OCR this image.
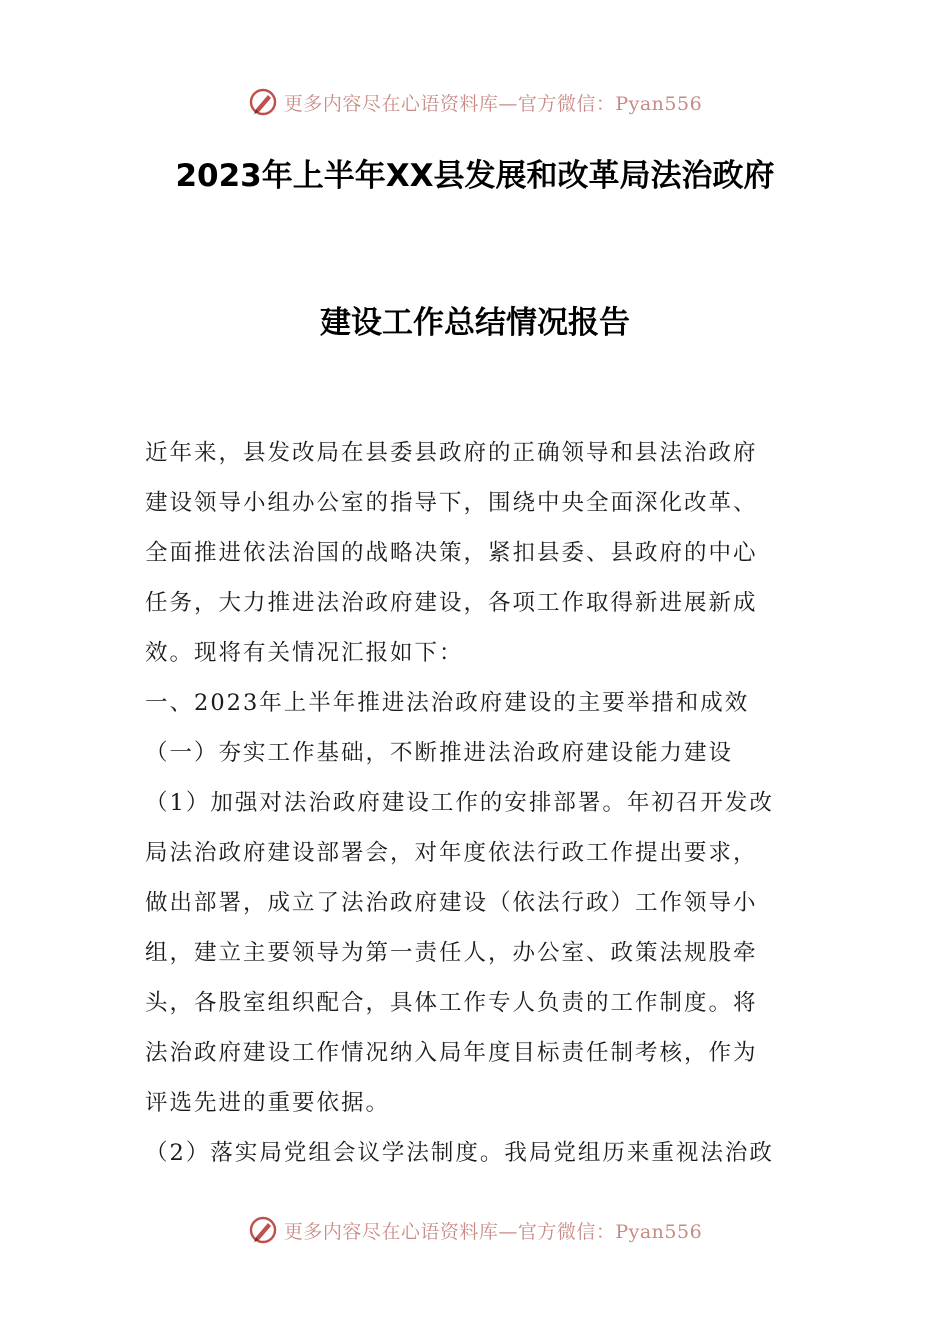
更多内容尽在心语资料库—官方微信：Pyan556
2023年上半年XX县发展和改革局法治政府
建设工作总结情况报告
近年来，县发改局在县委县政府的正确领导和县法治政府
建设领导小组办公室的指导下，围绕中央全面深化改革、
全面推进依法治国的战略决策，紧扣县委、县政府的中心
任务，大力推进法治政府建设，各项工作取得新进展新成
效。现将有关情况汇报如下：
一、2023年上半年推进法治政府建设的主要举措和成效
（一）夯实工作基础，不断推进法治政府建设能力建设
（1）加强对法治政府建设工作的安排部署。年初召开发改
局法治政府建设部署会，对年度依法行政工作提出要求，
做出部署，成立了法治政府建设（依法行政）工作领导小
组，建立主要领导为第一责任人，办公室、政策法规股牵
头，各股室组织配合，具体工作专人负责的工作制度。将
法治政府建设工作情况纳入局年度目标责任制考核，作为
评选先进的重要依据。
（2）落实局党组会议学法制度。我局党组历来重视法治政
更多内容尽在心语资料库—官方微信：Pyan556
